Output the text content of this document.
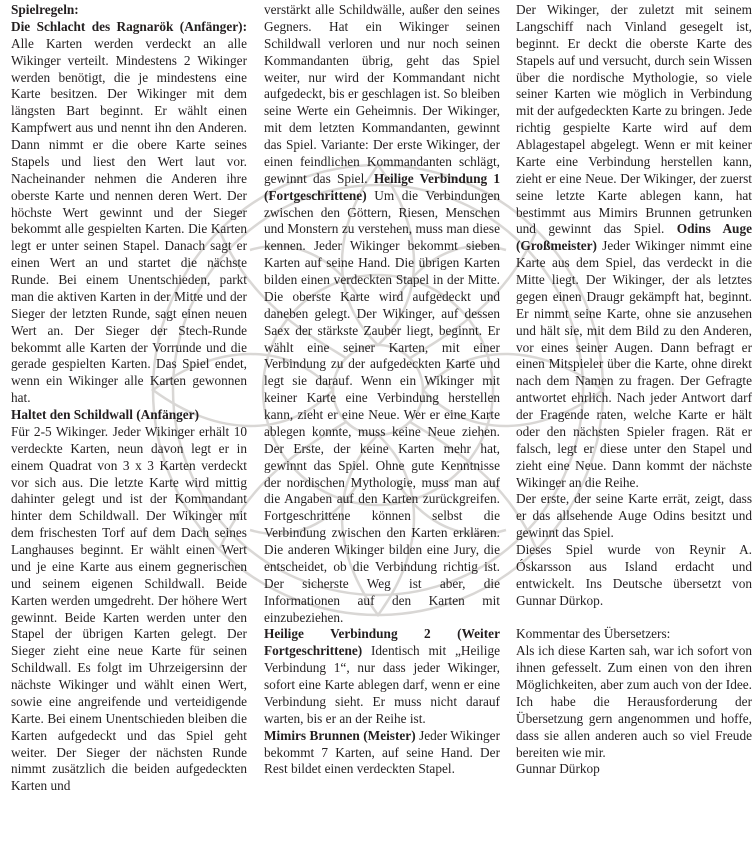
Spielregeln:
Die Schlacht des Ragnarök (Anfänger): Alle Karten werden verdeckt an alle Wikinger verteilt. Mindestens 2 Wikinger werden benötigt, die je mindestens eine Karte besitzen. Der Wikinger mit dem längsten Bart beginnt. Er wählt einen Kampfwert aus und nennt ihn den Anderen. Dann nimmt er die obere Karte seines Stapels und liest den Wert laut vor. Nacheinander nehmen die Anderen ihre oberste Karte und nennen deren Wert. Der höchste Wert gewinnt und der Sieger bekommt alle gespielten Karten. Die Karten legt er unter seinen Stapel. Danach sagt er einen Wert an und startet die nächste Runde. Bei einem Unentschieden, parkt man die aktiven Karten in der Mitte und der Sieger der letzten Runde, sagt einen neuen Wert an. Der Sieger der Stech-Runde bekommt alle Karten der Vorrunde und die gerade gespielten Karten. Das Spiel endet, wenn ein Wikinger alle Karten gewonnen hat.

Haltet den Schildwall (Anfänger)
Für 2-5 Wikinger. Jeder Wikinger erhält 10 verdeckte Karten, neun davon legt er in einem Quadrat von 3 x 3 Karten verdeckt vor sich aus. Die letzte Karte wird mittig dahinter gelegt und ist der Kommandant hinter dem Schildwall. Der Wikinger mit dem frischesten Torf auf dem Dach seines Langhauses beginnt. Er wählt einen Wert und je eine Karte aus einem gegnerischen und seinem eigenen Schildwall. Beide Karten werden umgedreht. Der höhere Wert gewinnt. Beide Karten werden unter den Stapel der übrigen Karten gelegt. Der Sieger zieht eine neue Karte für seinen Schildwall. Es folgt im Uhrzeigersinn der nächste Wikinger und wählt einen Wert, sowie eine angreifende und verteidigende Karte. Bei einem Unentschieden bleiben die Karten aufgedeckt und das Spiel geht weiter. Der Sieger der nächsten Runde nimmt zusätzlich die beiden aufgedeckten Karten und

verstärkt alle Schildwälle, außer den seines Gegners. Hat ein Wikinger seinen Schildwall verloren und nur noch seinen Kommandanten übrig, geht das Spiel weiter, nur wird der Kommandant nicht aufgedeckt, bis er geschlagen ist. So bleiben seine Werte ein Geheimnis. Der Wikinger, mit dem letzten Kommandanten, gewinnt das Spiel. Variante: Der erste Wikinger, der einen feindlichen Kommandanten schlägt, gewinnt das Spiel. Heilige Verbindung 1 (Fortgeschrittene) Um die Verbindungen zwischen den Göttern, Riesen, Menschen und Monstern zu verstehen, muss man diese kennen. Jeder Wikinger bekommt sieben Karten auf seine Hand. Die übrigen Karten bilden einen verdeckten Stapel in der Mitte. Die oberste Karte wird aufgedeckt und daneben gelegt. Der Wikinger, auf dessen Saex der stärkste Zauber liegt, beginnt. Er wählt eine seiner Karten, mit einer Verbindung zu der aufgedeckten Karte und legt sie darauf. Wenn ein Wikinger mit keiner Karte eine Verbindung herstellen kann, zieht er eine Neue. Wer er eine Karte ablegen konnte, muss keine Neue ziehen. Der Erste, der keine Karten mehr hat, gewinnt das Spiel. Ohne gute Kenntnisse der nordischen Mythologie, muss man auf die Angaben auf den Karten zurückgreifen. Fortgeschrittene können selbst die Verbindung zwischen den Karten erklären. Die anderen Wikinger bilden eine Jury, die entscheidet, ob die Verbindung richtig ist. Der sicherste Weg ist aber, die Informationen auf den Karten mit einzubeziehen.

Heilige Verbindung 2 (Weiter Fortgeschrittene) Identisch mit „Heilige Verbindung 1“, nur dass jeder Wikinger, sofort eine Karte ablegen darf, wenn er eine Verbindung sieht. Er muss nicht darauf warten, bis er an der Reihe ist.

Mimirs Brunnen (Meister) Jeder Wikinger bekommt 7 Karten, auf seine Hand. Der Rest bildet einen verdeckten Stapel.

Der Wikinger, der zuletzt mit seinem Langschiff nach Vinland gesegelt ist, beginnt. Er deckt die oberste Karte des Stapels auf und versucht, durch sein Wissen über die nordische Mythologie, so viele seiner Karten wie möglich in Verbindung mit der aufgedeckten Karte zu bringen. Jede richtig gespielte Karte wird auf dem Ablagestapel abgelegt. Wenn er mit keiner Karte eine Verbindung herstellen kann, zieht er eine Neue. Der Wikinger, der zuerst seine letzte Karte ablegen kann, hat bestimmt aus Mimirs Brunnen getrunken und gewinnt das Spiel. Odins Auge (Großmeister) Jeder Wikinger nimmt eine Karte aus dem Spiel, das verdeckt in die Mitte liegt. Der Wikinger, der als letztes gegen einen Draugr gekämpft hat, beginnt. Er nimmt seine Karte, ohne sie anzusehen und hält sie, mit dem Bild zu den Anderen, vor eines seiner Augen. Dann befragt er einen Mitspieler über die Karte, ohne direkt nach dem Namen zu fragen. Der Gefragte antwortet ehrlich. Nach jeder Antwort darf der Fragende raten, welche Karte er hält oder den nächsten Spieler fragen. Rät er falsch, legt er diese unter den Stapel und zieht eine Neue. Dann kommt der nächste Wikinger an die Reihe.

Der erste, der seine Karte errät, zeigt, dass er das allsehende Auge Odins besitzt und gewinnt das Spiel.

Dieses Spiel wurde von Reynir A. Óskarsson aus Island erdacht und entwickelt. Ins Deutsche übersetzt von Gunnar Dürkop.

Kommentar des Übersetzers:

Als ich diese Karten sah, war ich sofort von ihnen gefesselt. Zum einen von den ihren Möglichkeiten, aber zum auch von der Idee. Ich habe die Herausforderung der Übersetzung gern angenommen und hoffe, dass sie allen anderen auch so viel Freude bereiten wie mir.

Gunnar Dürkop
